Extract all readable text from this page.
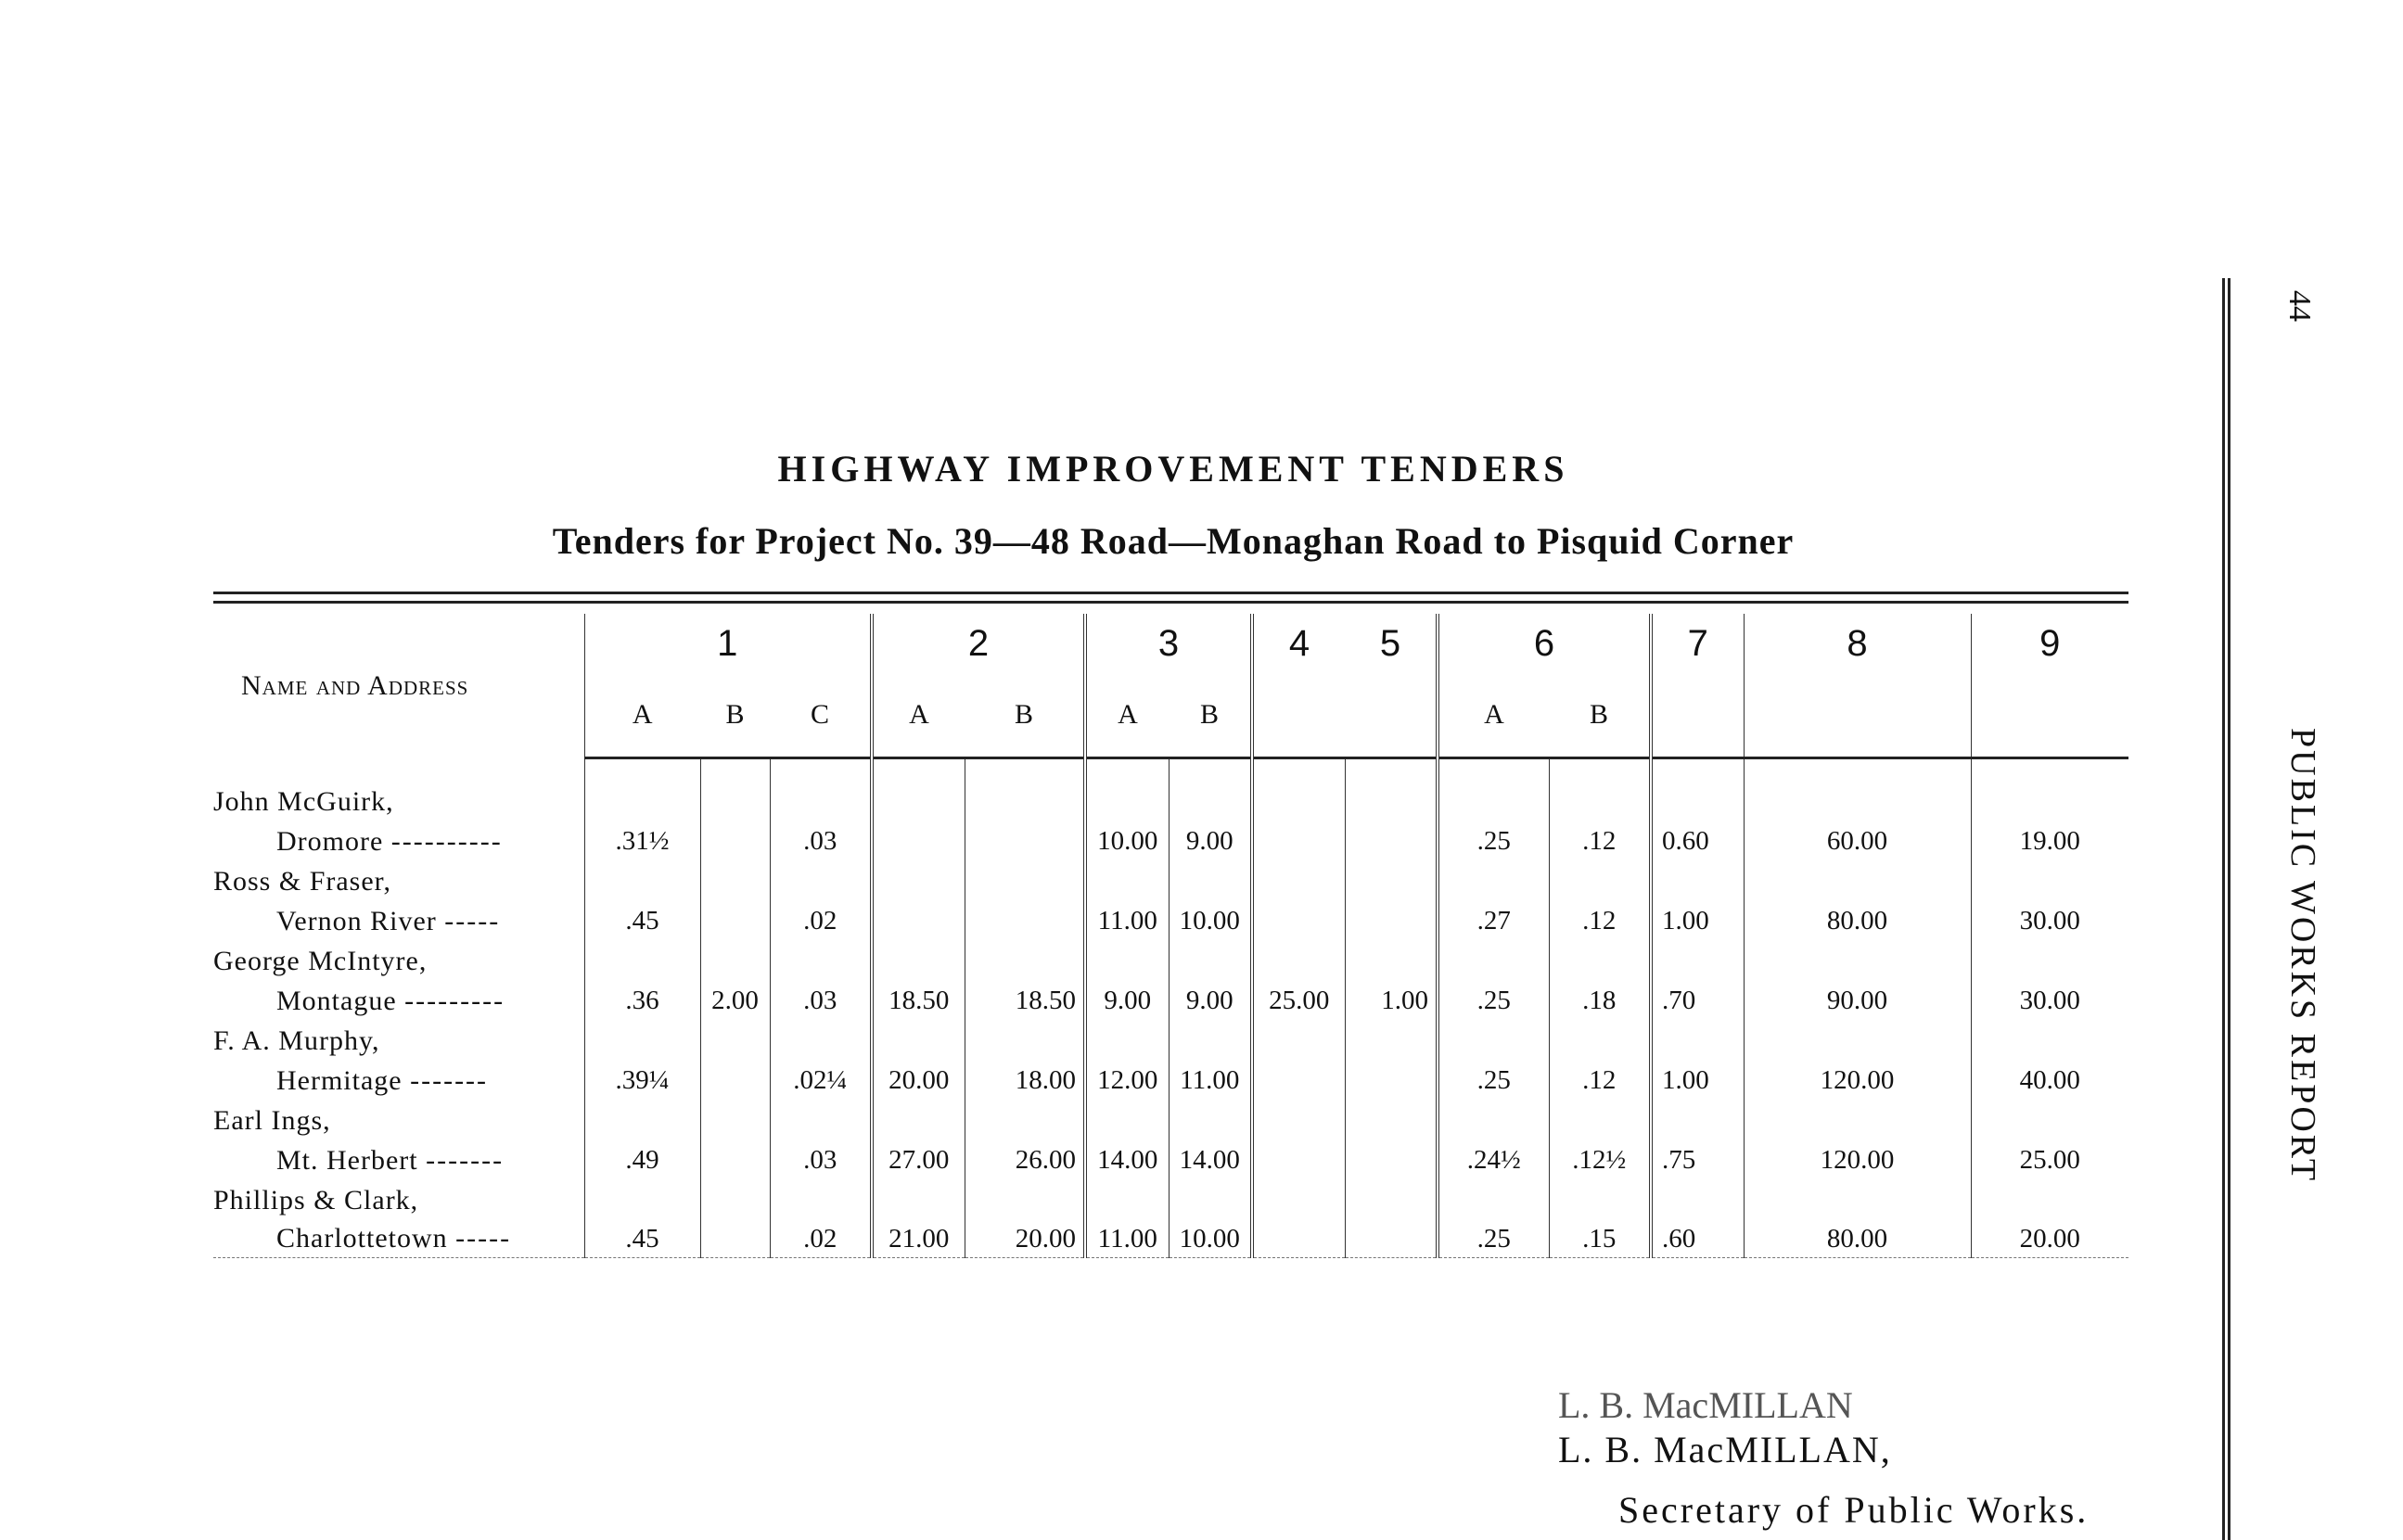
44
PUBLIC WORKS REPORT
HIGHWAY IMPROVEMENT TENDERS
Tenders for Project No. 39—48 Road—Monaghan Road to Pisquid Corner
Name and Address	1			2		3		4	5	6		7	8	9
	A	B	C	A	B	A	B			A	B			

John McGuirk,														
Dromore ----------	.31½		.03			10.00	9.00			.25	.12	0.60	60.00	19.00
Ross & Fraser,														
Vernon River -----	.45		.02			11.00	10.00			.27	.12	1.00	80.00	30.00
George McIntyre,														
Montague ---------	.36	2.00	.03	18.50	18.50	9.00	9.00	25.00	1.00	.25	.18	.70	90.00	30.00
F. A. Murphy,														
Hermitage -------	.39¼		.02¼	20.00	18.00	12.00	11.00			.25	.12	1.00	120.00	40.00
Earl Ings,														
Mt. Herbert -------	.49		.03	27.00	26.00	14.00	14.00			.24½	.12½	.75	120.00	25.00
Phillips & Clark,														
Charlottetown -----	.45		.02	21.00	20.00	11.00	10.00			.25	.15	.60	80.00	20.00
L. B. MacMILLAN
L. B. MacMILLAN,
Secretary of Public Works.
